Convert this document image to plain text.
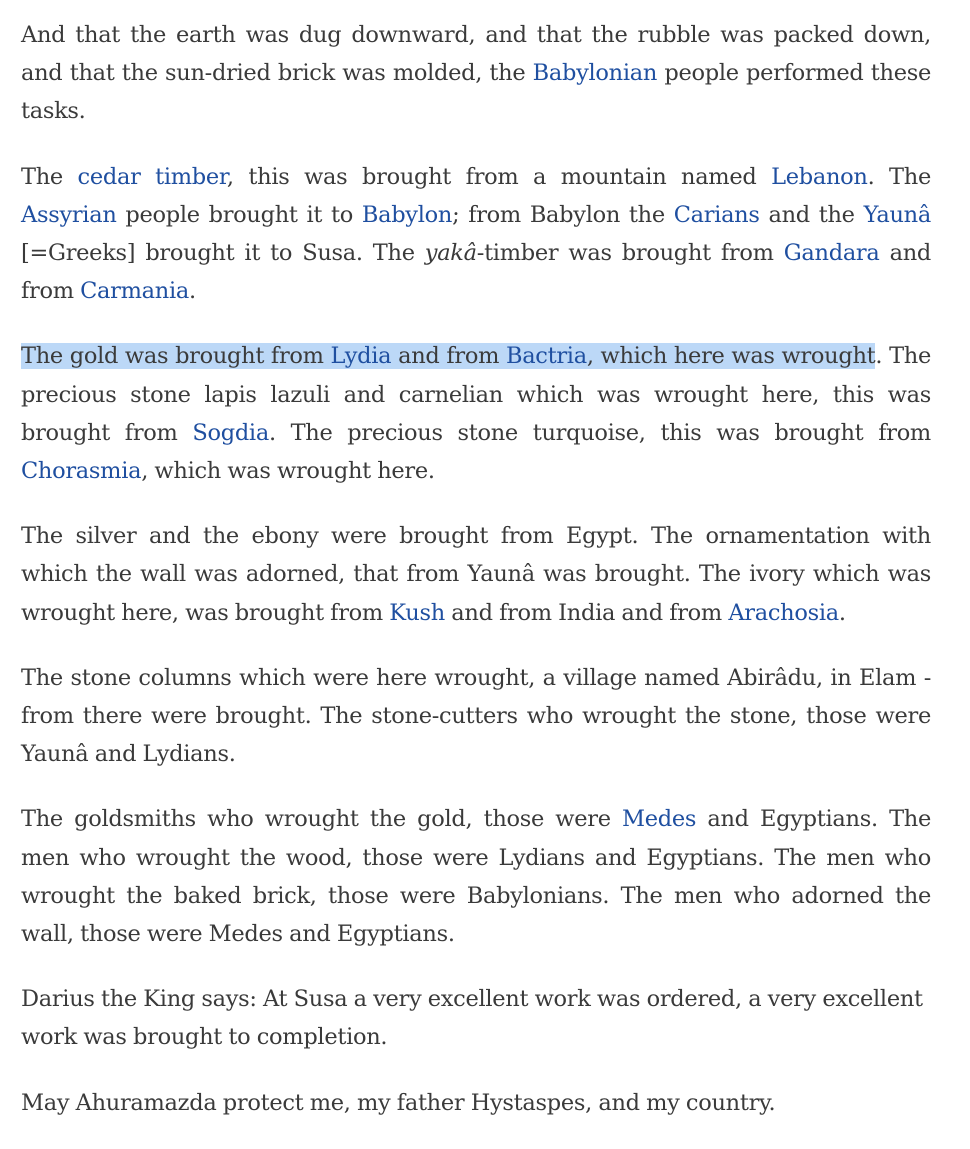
And that the earth was dug downward, and that the rubble was packed down, and that the sun-dried brick was molded, the Babylonian people performed these tasks.

The cedar timber, this was brought from a mountain named Lebanon. The Assyrian people brought it to Babylon; from Babylon the Carians and the Yaunâ [=Greeks] brought it to Susa. The yakâ-timber was brought from Gandara and from Carmania.

The gold was brought from Lydia and from Bactria, which here was wrought. The precious stone lapis lazuli and carnelian which was wrought here, this was brought from Sogdia. The precious stone turquoise, this was brought from Chorasmia, which was wrought here.

The silver and the ebony were brought from Egypt. The ornamentation with which the wall was adorned, that from Yaunâ was brought. The ivory which was wrought here, was brought from Kush and from India and from Arachosia.

The stone columns which were here wrought, a village named Abirâdu, in Elam - from there were brought. The stone-cutters who wrought the stone, those were Yaunâ and Lydians.

The goldsmiths who wrought the gold, those were Medes and Egyptians. The men who wrought the wood, those were Lydians and Egyptians. The men who wrought the baked brick, those were Babylonians. The men who adorned the wall, those were Medes and Egyptians.

Darius the King says: At Susa a very excellent work was ordered, a very excellent work was brought to completion.

May Ahuramazda protect me, my father Hystaspes, and my country.
